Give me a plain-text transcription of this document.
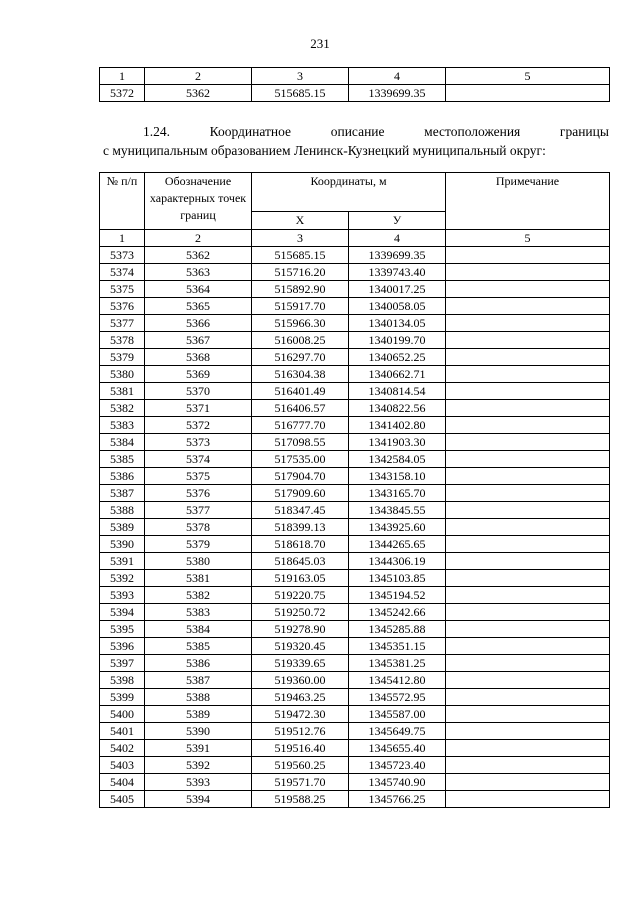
231
1	2	3	4	5
5372	5362	515685.15	1339699.35	
1.24.	Координатное	описание	местоположения	границы
с муниципальным образованием Ленинск-Кузнецкий муниципальный округ:
№ п/п	Обозначение характерных точек границ	Координаты, м		Примечание
		Х	У	
1	2	3	4	5
5373	5362	515685.15	1339699.35	
5374	5363	515716.20	1339743.40	
5375	5364	515892.90	1340017.25	
5376	5365	515917.70	1340058.05	
5377	5366	515966.30	1340134.05	
5378	5367	516008.25	1340199.70	
5379	5368	516297.70	1340652.25	
5380	5369	516304.38	1340662.71	
5381	5370	516401.49	1340814.54	
5382	5371	516406.57	1340822.56	
5383	5372	516777.70	1341402.80	
5384	5373	517098.55	1341903.30	
5385	5374	517535.00	1342584.05	
5386	5375	517904.70	1343158.10	
5387	5376	517909.60	1343165.70	
5388	5377	518347.45	1343845.55	
5389	5378	518399.13	1343925.60	
5390	5379	518618.70	1344265.65	
5391	5380	518645.03	1344306.19	
5392	5381	519163.05	1345103.85	
5393	5382	519220.75	1345194.52	
5394	5383	519250.72	1345242.66	
5395	5384	519278.90	1345285.88	
5396	5385	519320.45	1345351.15	
5397	5386	519339.65	1345381.25	
5398	5387	519360.00	1345412.80	
5399	5388	519463.25	1345572.95	
5400	5389	519472.30	1345587.00	
5401	5390	519512.76	1345649.75	
5402	5391	519516.40	1345655.40	
5403	5392	519560.25	1345723.40	
5404	5393	519571.70	1345740.90	
5405	5394	519588.25	1345766.25	
